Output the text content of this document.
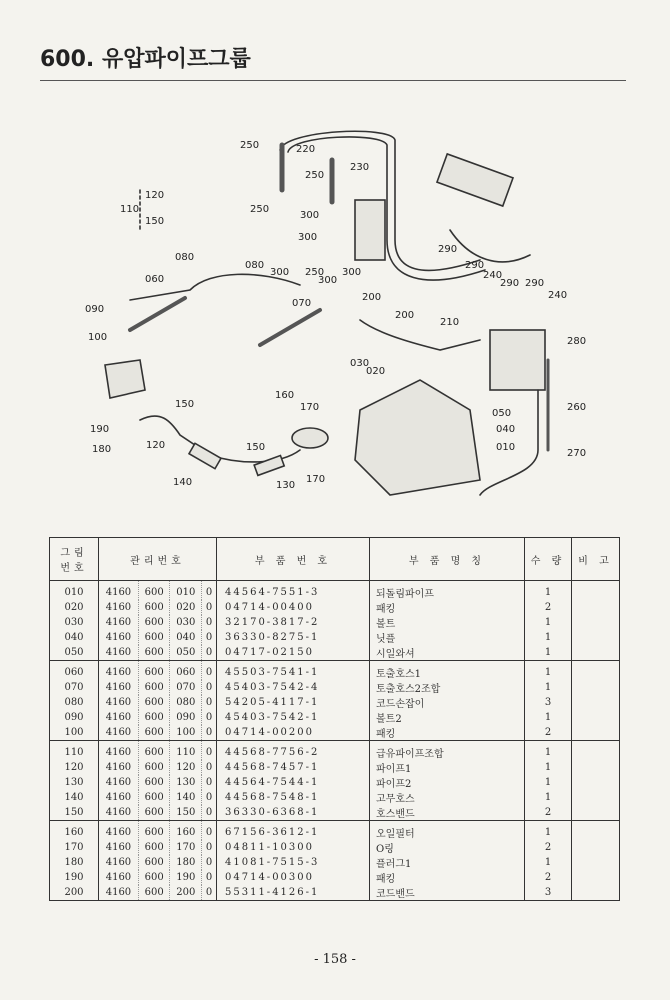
600. 유압파이프그룹
250	220
230
250
300
250
300
300 250 300
300
120
110
150
080
080
060
090
100
070
200
200
210
290
290
240
290 290
240
280
260
270
030
020
050
040
010
160
170
150
190
120
180
150
140	130
170
그림 번호	관리번호				부 품 번 호	부 품 명 칭	수 량	비 고
010	4160	600	010	0	44564-7551-3	되돌림파이프	1	
020	4160	600	020	0	04714-00400	패킹	2	
030	4160	600	030	0	32170-3817-2	볼트	1	
040	4160	600	040	0	36330-8275-1	닛플	1	
050	4160	600	050	0	04717-02150	시일와셔	1	
060	4160	600	060	0	45503-7541-1	토출호스1	1	
070	4160	600	070	0	45403-7542-4	토출호스2조합	1	
080	4160	600	080	0	54205-4117-1	코드손잡이	3	
090	4160	600	090	0	45403-7542-1	볼트2	1	
100	4160	600	100	0	04714-00200	패킹	2	
110	4160	600	110	0	44568-7756-2	급유파이프조합	1	
120	4160	600	120	0	44568-7457-1	파이프1	1	
130	4160	600	130	0	44564-7544-1	파이프2	1	
140	4160	600	140	0	44568-7548-1	고무호스	1	
150	4160	600	150	0	36330-6368-1	호스밴드	2	
160	4160	600	160	0	67156-3612-1	오일필터	1	
170	4160	600	170	0	04811-10300	O링	2	
180	4160	600	180	0	41081-7515-3	플러그1	1	
190	4160	600	190	0	04714-00300	패킹	2	
200	4160	600	200	0	55311-4126-1	코드밴드	3	
- 158 -
